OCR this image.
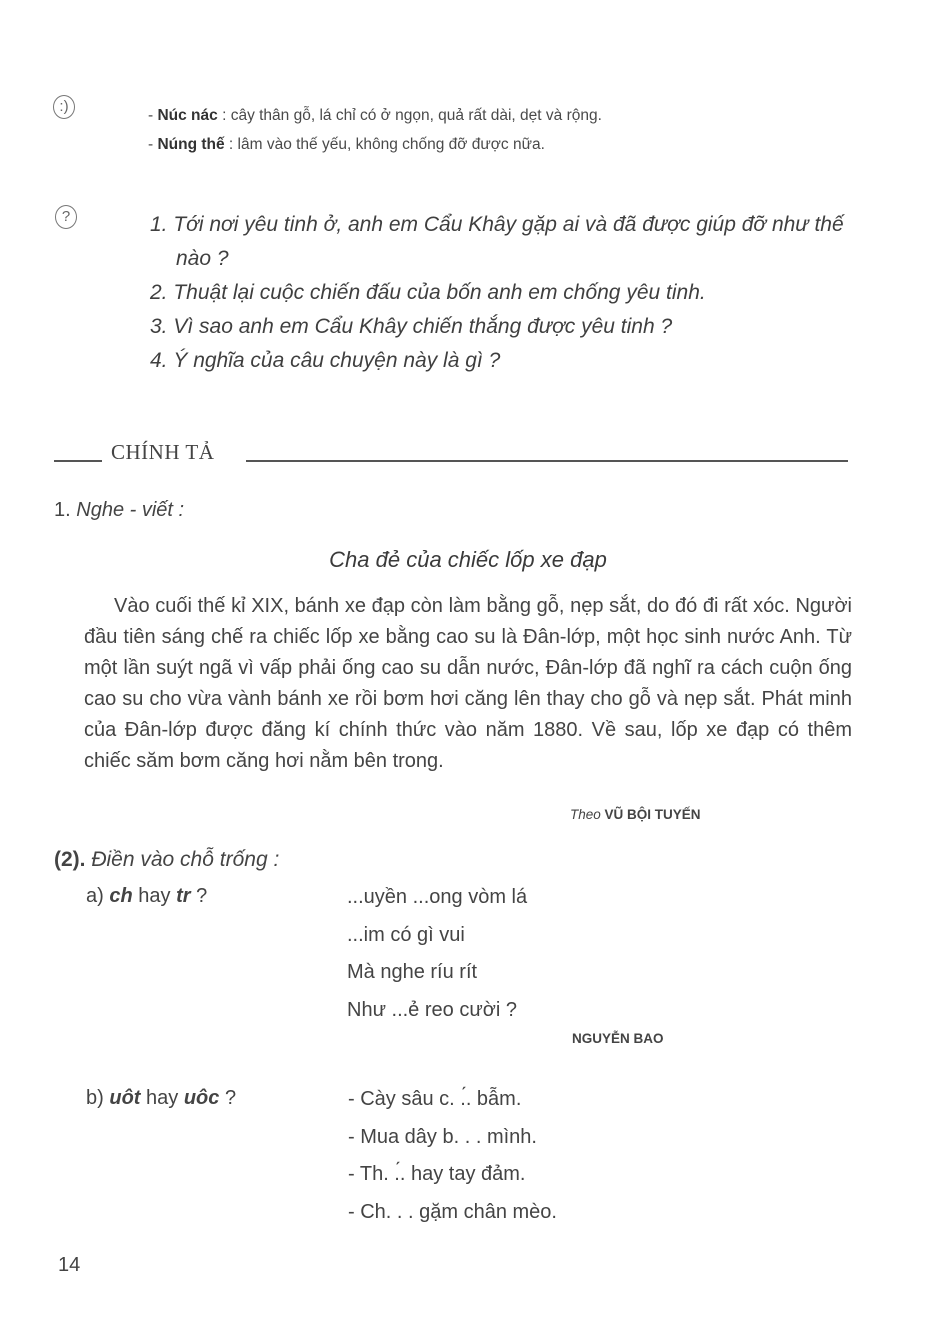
:)
- Núc nác : cây thân gỗ, lá chỉ có ở ngọn, quả rất dài, dẹt và rộng.
- Núng thế : lâm vào thế yếu, không chống đỡ được nữa.
?	1. Tới nơi yêu tinh ở, anh em Cẩu Khây gặp ai và đã được giúp đỡ như thế nào ?
2. Thuật lại cuộc chiến đấu của bốn anh em chống yêu tinh.
3. Vì sao anh em Cẩu Khây chiến thắng được yêu tinh ?
4. Ý nghĩa của câu chuyện này là gì ?
CHÍNH TẢ
1. Nghe - viết :
Cha đẻ của chiếc lốp xe đạp
Vào cuối thế kỉ XIX, bánh xe đạp còn làm bằng gỗ, nẹp sắt, do đó đi rất xóc. Người đầu tiên sáng chế ra chiếc lốp xe bằng cao su là Đân-lớp, một học sinh nước Anh. Từ một lần suýt ngã vì vấp phải ống cao su dẫn nước, Đân-lớp đã nghĩ ra cách cuộn ống cao su cho vừa vành bánh xe rồi bơm hơi căng lên thay cho gỗ và nẹp sắt. Phát minh của Đân-lớp được đăng kí chính thức vào năm 1880. Về sau, lốp xe đạp có thêm chiếc săm bơm căng hơi nằm bên trong.
Theo VŨ BỘI TUYẾN
(2). Điền vào chỗ trống :
a) ch hay tr ?	...uyền ...ong vòm lá
...im có gì vui
Mà nghe ríu rít
Như ...ẻ reo cười ?
NGUYỄN BAO
b) uôt hay uôc ?	- Cày sâu c. .́. bẫm.
- Mua dây b. . . mình.
- Th. .́. hay tay đảm.
- Ch. . . gặm chân mèo.
14
